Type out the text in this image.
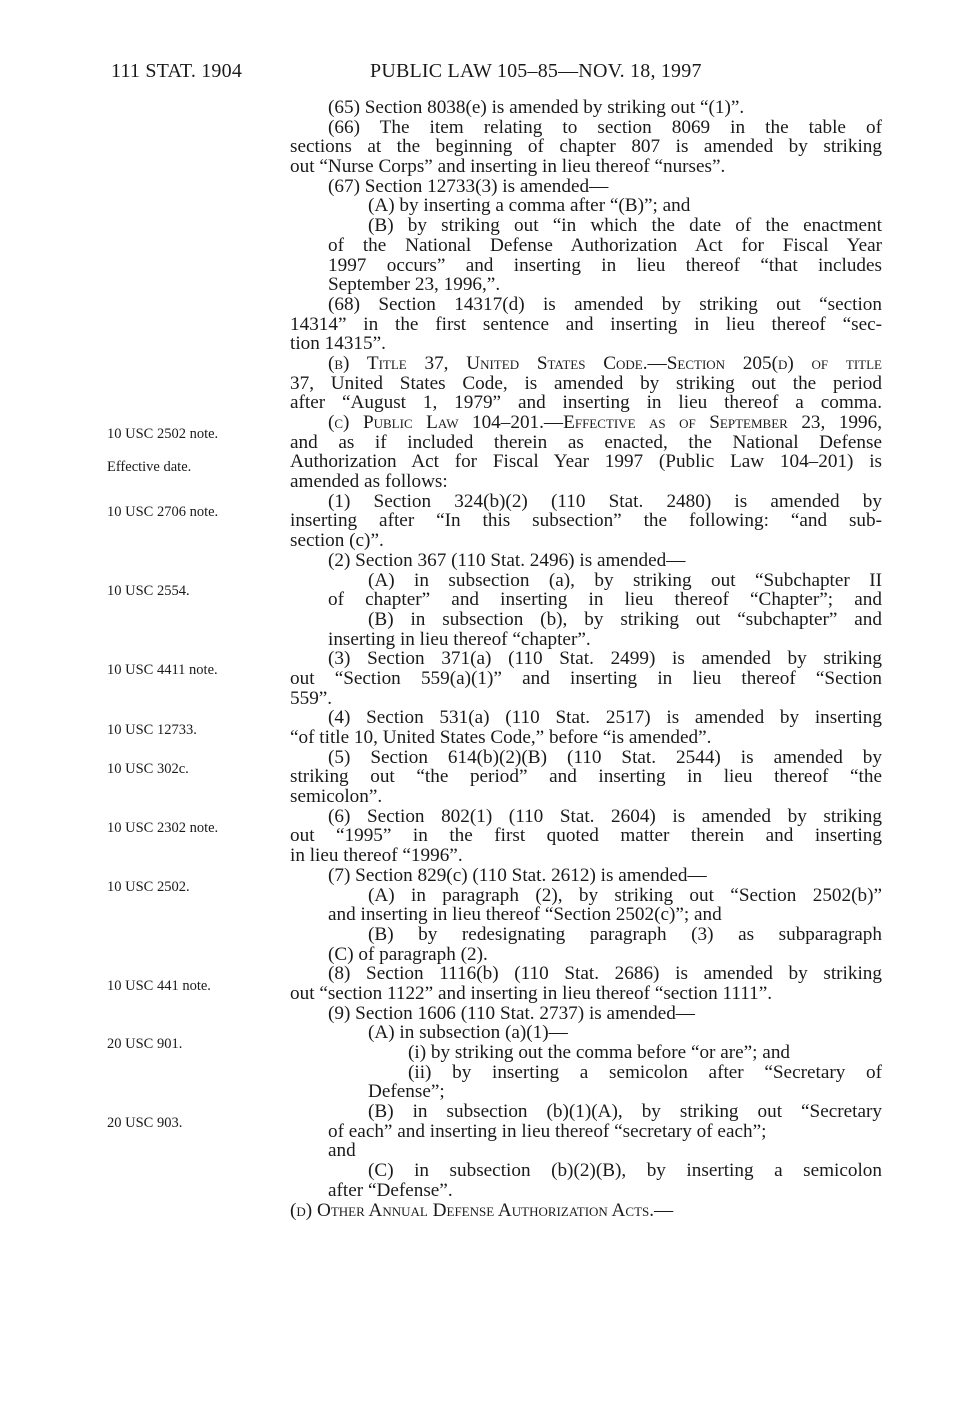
111 STAT. 1904	PUBLIC LAW 105–85—NOV. 18, 1997
10 USC 2502 note.
Effective date.
10 USC 2706 note.
10 USC 2554.
10 USC 4411 note.
10 USC 12733.
10 USC 302c.
10 USC 2302 note.
10 USC 2502.
10 USC 441 note.
20 USC 901.
20 USC 903.
(65) Section 8038(e) is amended by striking out “(1)”.
(66) The item relating to section 8069 in the table of
sections at the beginning of chapter 807 is amended by striking
out “Nurse Corps” and inserting in lieu thereof “nurses”.
(67) Section 12733(3) is amended—
(A) by inserting a comma after “(B)”; and
(B) by striking out “in which the date of the enactment
of the National Defense Authorization Act for Fiscal Year
1997 occurs” and inserting in lieu thereof “that includes
September 23, 1996,”.
(68) Section 14317(d) is amended by striking out “section
14314” in the first sentence and inserting in lieu thereof “sec-
tion 14315”.
(b) Title 37, United States Code.—Section 205(d) of title
37, United States Code, is amended by striking out the period
after “August 1, 1979” and inserting in lieu thereof a comma.
(c) Public Law 104–201.—Effective as of September 23, 1996,
and as if included therein as enacted, the National Defense
Authorization Act for Fiscal Year 1997 (Public Law 104–201) is
amended as follows:
(1) Section 324(b)(2) (110 Stat. 2480) is amended by
inserting after “In this subsection” the following: “and sub-
section (c)”.
(2) Section 367 (110 Stat. 2496) is amended—
(A) in subsection (a), by striking out “Subchapter II
of chapter” and inserting in lieu thereof “Chapter”; and
(B) in subsection (b), by striking out “subchapter” and
inserting in lieu thereof “chapter”.
(3) Section 371(a) (110 Stat. 2499) is amended by striking
out “Section 559(a)(1)” and inserting in lieu thereof “Section
559”.
(4) Section 531(a) (110 Stat. 2517) is amended by inserting
“of title 10, United States Code,” before “is amended”.
(5) Section 614(b)(2)(B) (110 Stat. 2544) is amended by
striking out “the period” and inserting in lieu thereof “the
semicolon”.
(6) Section 802(1) (110 Stat. 2604) is amended by striking
out “1995” in the first quoted matter therein and inserting
in lieu thereof “1996”.
(7) Section 829(c) (110 Stat. 2612) is amended—
(A) in paragraph (2), by striking out “Section 2502(b)”
and inserting in lieu thereof “Section 2502(c)”; and
(B) by redesignating paragraph (3) as subparagraph
(C) of paragraph (2).
(8) Section 1116(b) (110 Stat. 2686) is amended by striking
out “section 1122” and inserting in lieu thereof “section 1111”.
(9) Section 1606 (110 Stat. 2737) is amended—
(A) in subsection (a)(1)—
(i) by striking out the comma before “or are”; and
(ii) by inserting a semicolon after “Secretary of
Defense”;
(B) in subsection (b)(1)(A), by striking out “Secretary
of each” and inserting in lieu thereof “secretary of each”;
and
(C) in subsection (b)(2)(B), by inserting a semicolon
after “Defense”.
(d) Other Annual Defense Authorization Acts.—
